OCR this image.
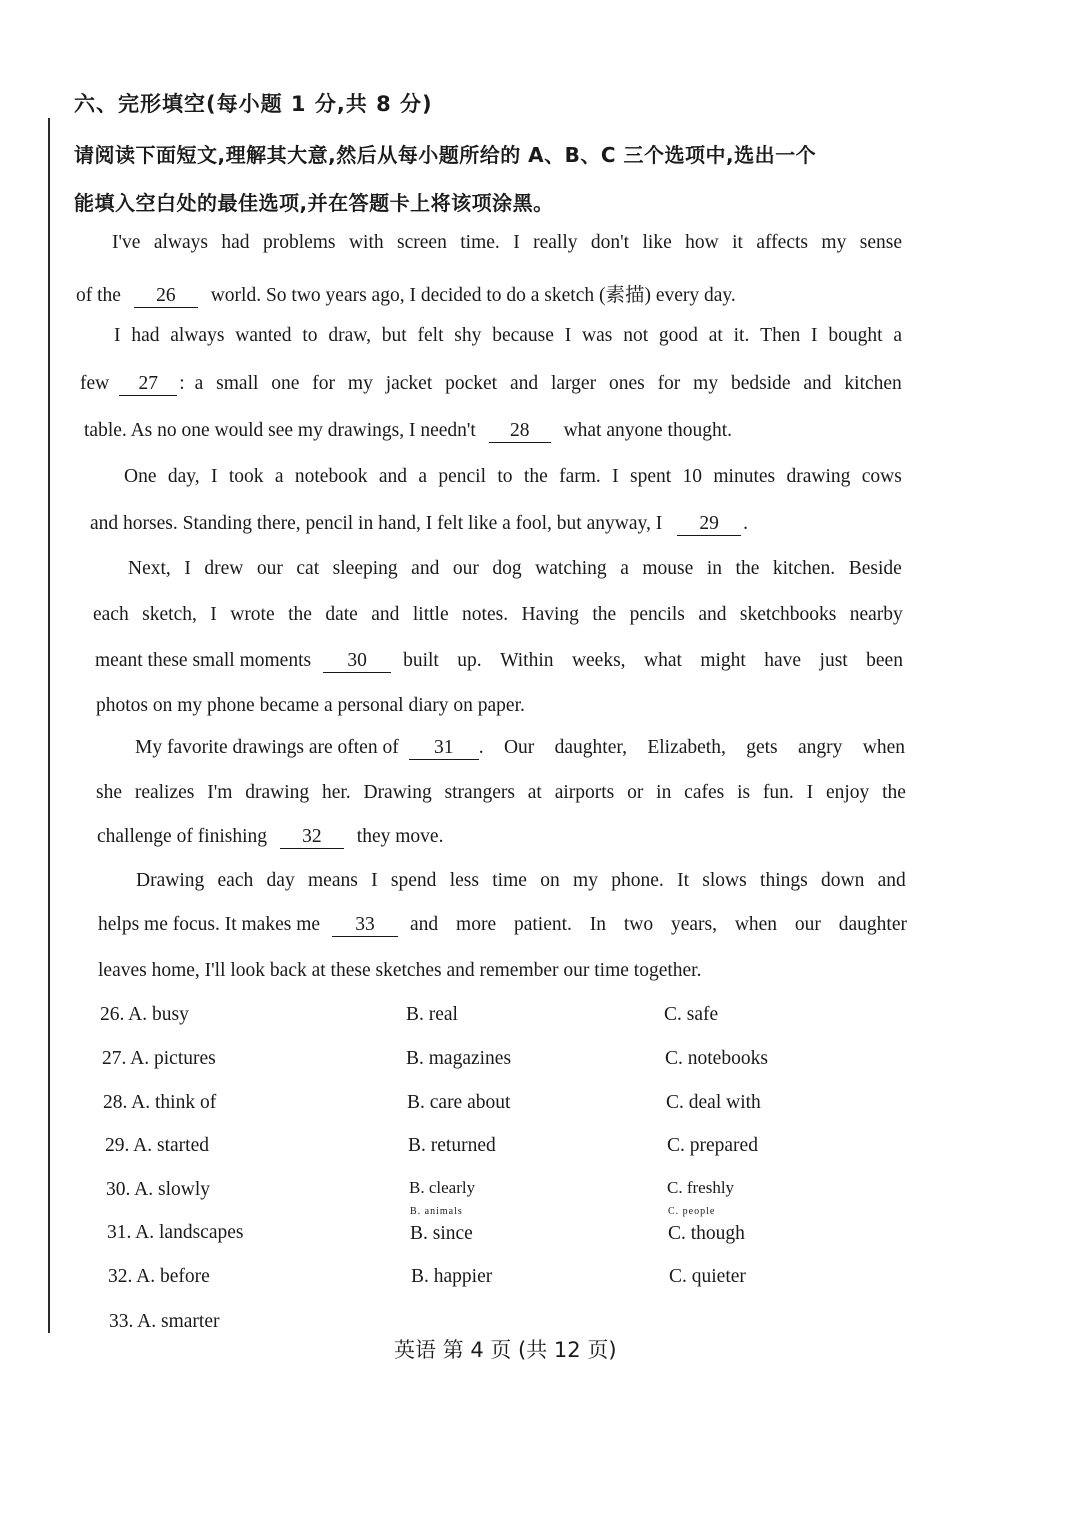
六、完形填空(每小题 1 分,共 8 分)
请阅读下面短文,理解其大意,然后从每小题所给的 A、B、C 三个选项中,选出一个
能填入空白处的最佳选项,并在答题卡上将该项涂黑。
I've always had problems with screen time. I really don't like how it affects my sense
of the 26 world. So two years ago, I decided to do a sketch (素描) every day.
I had always wanted to draw, but felt shy because I was not good at it. Then I bought a
few	27	: a small one for my jacket pocket and larger ones for my bedside and kitchen
table. As no one would see my drawings, I needn't 28 what anyone thought.
One day, I took a notebook and a pencil to the farm. I spent 10 minutes drawing cows
and horses. Standing there, pencil in hand, I felt like a fool, but anyway, I 29 .
Next, I drew our cat sleeping and our dog watching a mouse in the kitchen. Beside
each sketch, I wrote the date and little notes. Having the pencils and sketchbooks nearby
meant these small moments	30	built up. Within weeks, what might have just been
photos on my phone became a personal diary on paper.
My favorite drawings are often of	31	. Our daughter, Elizabeth, gets angry when
she realizes I'm drawing her. Drawing strangers at airports or in cafes is fun. I enjoy the
challenge of finishing 32 they move.
Drawing each day means I spend less time on my phone. It slows things down and
helps me focus. It makes me	33	and more patient. In two years, when our daughter
leaves home, I'll look back at these sketches and remember our time together.
26. A. busy	B. real	C. safe
27. A. pictures	B. magazines	C. notebooks
28. A. think of	B. care about	C. deal with
29. A. started	B. returned	C. prepared
30. A. slowly	B. clearly	C. freshly
B. animals	C. people
31. A. landscapes	B. since	C. though
32. A. before	B. happier	C. quieter
33. A. smarter
英语 第 4 页 (共 12 页)
